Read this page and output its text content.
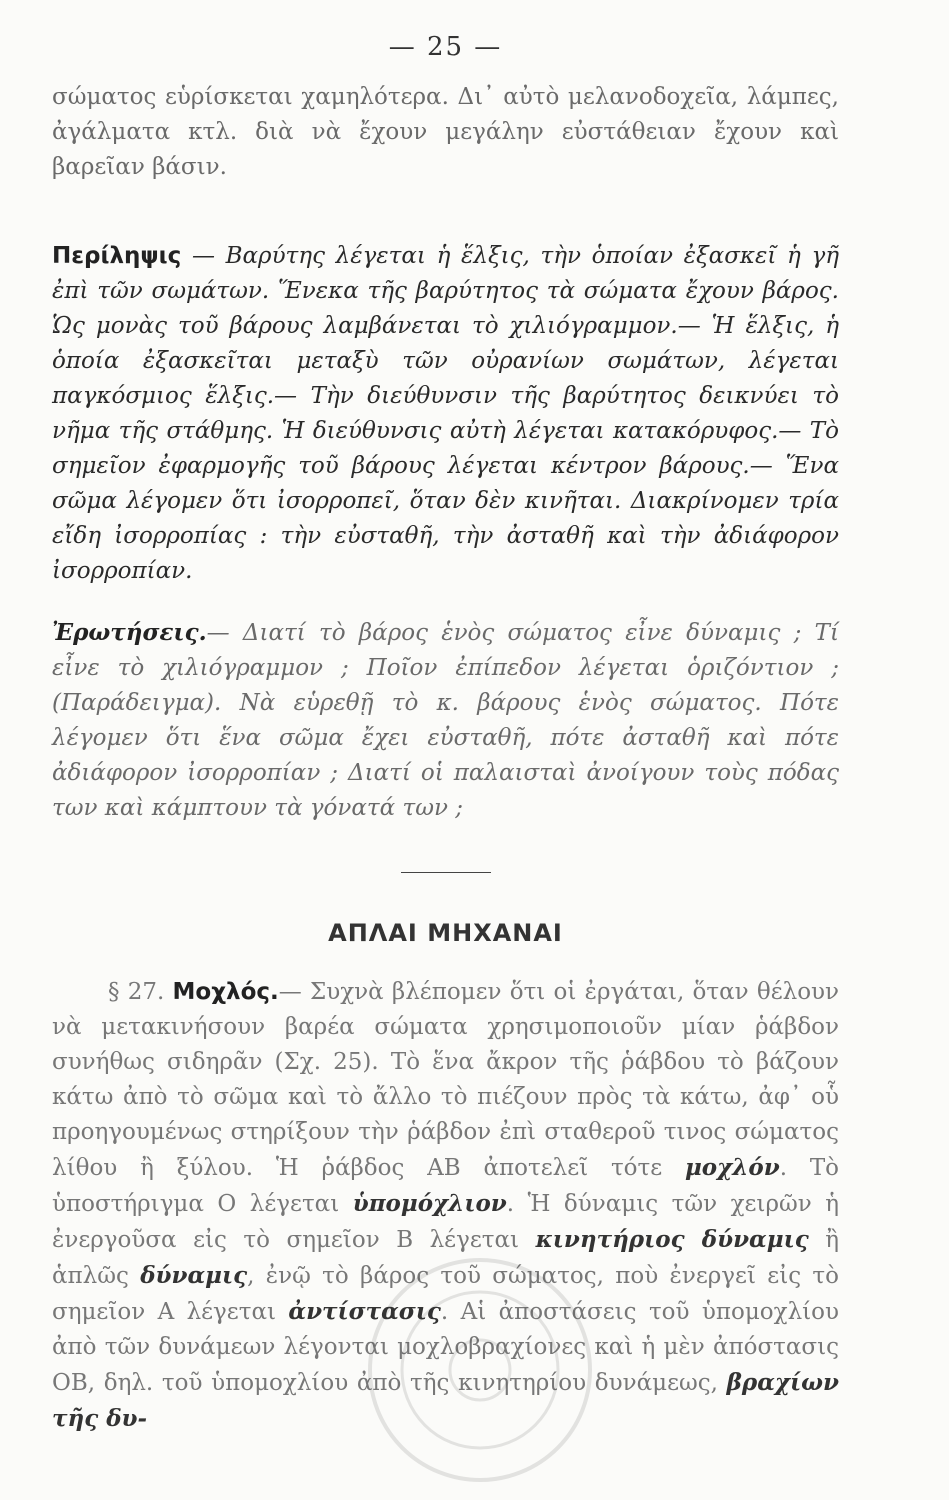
— 25 —

σώματος εὑρίσκεται χαμηλότερα. Δι᾽ αὐτὸ μελανοδοχεῖα, λάμπες, ἀγάλματα κτλ. διὰ νὰ ἔχουν μεγάλην εὐστάθειαν ἔχουν καὶ βαρεῖαν βάσιν.

Περίληψις — Βαρύτης λέγεται ἡ ἕλξις, τὴν ὁποίαν ἐξασκεῖ ἡ γῆ ἐπὶ τῶν σωμάτων. Ἕνεκα τῆς βαρύτητος τὰ σώματα ἔχουν βάρος. Ὡς μονὰς τοῦ βάρους λαμβάνεται τὸ χιλιόγραμμον.— Ἡ ἕλξις, ἡ ὁποία ἐξασκεῖται μεταξὺ τῶν οὐρανίων σωμάτων, λέγεται παγκόσμιος ἕλξις.— Τὴν διεύθυνσιν τῆς βαρύτητος δεικνύει τὸ νῆμα τῆς στάθμης. Ἡ διεύθυνσις αὐτὴ λέγεται κατακόρυφος.— Τὸ σημεῖον ἐφαρμογῆς τοῦ βάρους λέγεται κέντρον βάρους.— Ἕνα σῶμα λέγομεν ὅτι ἰσορροπεῖ, ὅταν δὲν κινῆται. Διακρίνομεν τρία εἴδη ἰσορροπίας : τὴν εὐσταθῆ, τὴν ἀσταθῆ καὶ τὴν ἀδιάφορον ἰσορροπίαν.

Ἐρωτήσεις.— Διατί τὸ βάρος ἑνὸς σώματος εἶνε δύναμις ; Τί εἶνε τὸ χιλιόγραμμον ; Ποῖον ἐπίπεδον λέγεται ὁριζόντιον ; (Παράδειγμα). Νὰ εὑρεθῇ τὸ κ. βάρους ἑνὸς σώματος. Πότε λέγομεν ὅτι ἕνα σῶμα ἔχει εὐσταθῆ, πότε ἀσταθῆ καὶ πότε ἀδιάφορον ἰσορροπίαν ; Διατί οἱ παλαισταὶ ἀνοίγουν τοὺς πόδας των καὶ κάμπτουν τὰ γόνατά των ;

ΑΠΛΑΙ ΜΗΧΑΝΑΙ

§ 27. Μοχλός.— Συχνὰ βλέπομεν ὅτι οἱ ἐργάται, ὅταν θέλουν νὰ μετακινήσουν βαρέα σώματα χρησιμοποιοῦν μίαν ῥάβδον συνήθως σιδηρᾶν (Σχ. 25). Τὸ ἕνα ἄκρον τῆς ῥάβδου τὸ βάζουν κάτω ἀπὸ τὸ σῶμα καὶ τὸ ἄλλο τὸ πιέζουν πρὸς τὰ κάτω, ἀφ᾽ οὗ προηγουμένως στηρίξουν τὴν ῥάβδον ἐπὶ σταθεροῦ τινος σώματος λίθου ἢ ξύλου. Ἡ ῥάβδος ΑΒ ἀποτελεῖ τότε μοχλόν. Τὸ ὑποστήριγμα Ο λέγεται ὑπομόχλιον. Ἡ δύναμις τῶν χειρῶν ἡ ἐνεργοῦσα εἰς τὸ σημεῖον Β λέγεται κινητήριος δύναμις ἢ ἁπλῶς δύναμις, ἐνῷ τὸ βάρος τοῦ σώματος, ποὺ ἐνεργεῖ εἰς τὸ σημεῖον Α λέγεται ἀντίστασις. Αἱ ἀποστάσεις τοῦ ὑπομοχλίου ἀπὸ τῶν δυνάμεων λέγονται μοχλοβραχίονες καὶ ἡ μὲν ἀπόστασις ΟΒ, δηλ. τοῦ ὑπομοχλίου ἀπὸ τῆς κινητηρίου δυνάμεως, βραχίων τῆς δυ-
